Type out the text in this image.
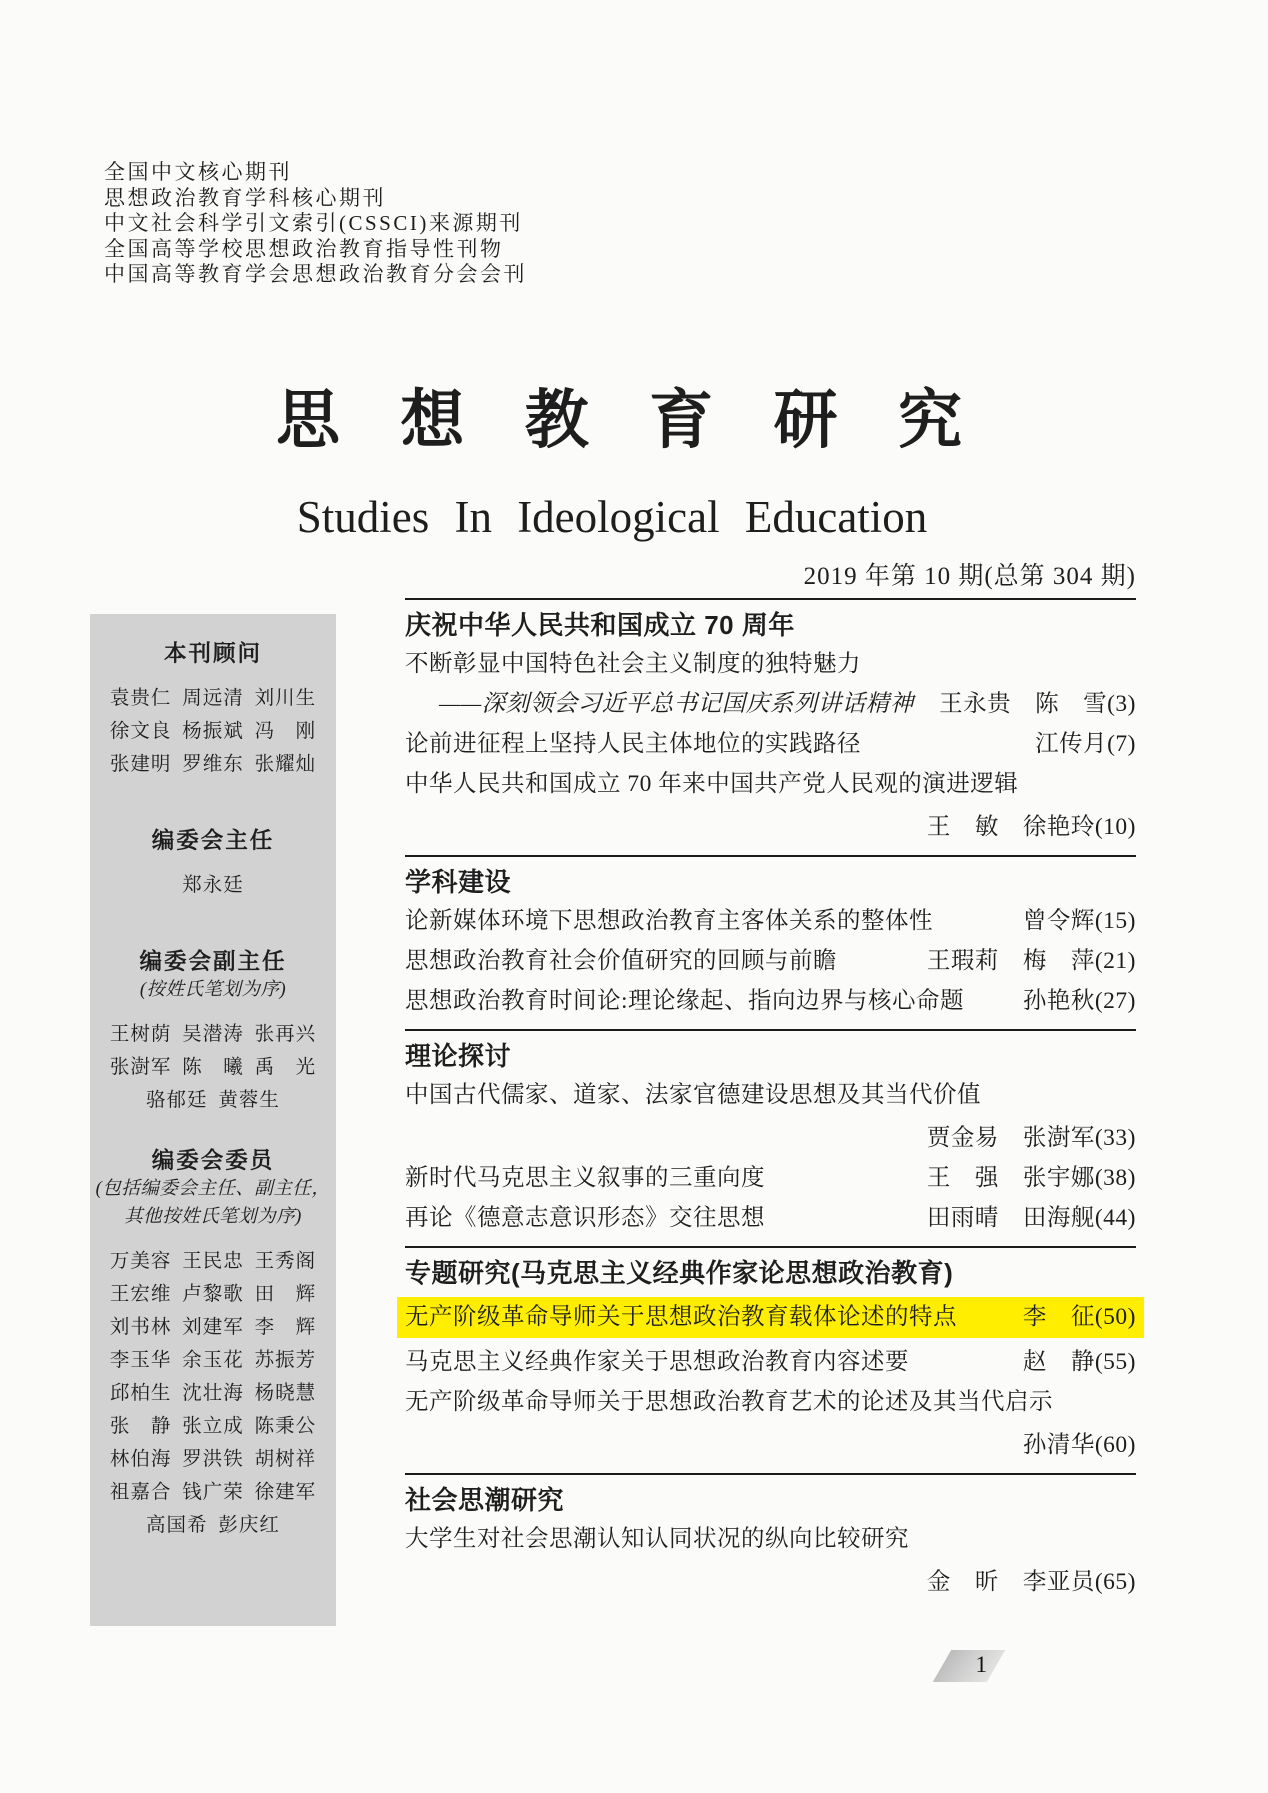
全国中文核心期刊
思想政治教育学科核心期刊
中文社会科学引文索引(CSSCI)来源期刊
全国高等学校思想政治教育指导性刊物
中国高等教育学会思想政治教育分会会刊
思 想 教 育 研 究
Studies In Ideological Education
2019 年第 10 期(总第 304 期)
本刊顾问
袁贵仁 周远清 刘川生
徐文良 杨振斌 冯　刚
张建明 罗维东 张耀灿
编委会主任
郑永廷
编委会副主任
(按姓氏笔划为序)
王树荫 吴潜涛 张再兴
张澍军 陈　曦 禹　光
骆郁廷 黄蓉生
编委会委员
(包括编委会主任、副主任，
其他按姓氏笔划为序)
万美容 王民忠 王秀阁
王宏维 卢黎歌 田　辉
刘书林 刘建军 李　辉
李玉华 余玉花 苏振芳
邱柏生 沈壮海 杨晓慧
张　静 张立成 陈秉公
林伯海 罗洪铁 胡树祥
祖嘉合 钱广荣 徐建军
高国希 彭庆红
庆祝中华人民共和国成立 70 周年
不断彰显中国特色社会主义制度的独特魅力
——深刻领会习近平总书记国庆系列讲话精神	王永贵　陈　雪(3)
论前进征程上坚持人民主体地位的实践路径	江传月(7)
中华人民共和国成立 70 年来中国共产党人民观的演进逻辑
王　敏　徐艳玲(10)
学科建设
论新媒体环境下思想政治教育主客体关系的整体性	曾令辉(15)
思想政治教育社会价值研究的回顾与前瞻	王瑕莉　梅　萍(21)
思想政治教育时间论:理论缘起、指向边界与核心命题	孙艳秋(27)
理论探讨
中国古代儒家、道家、法家官德建设思想及其当代价值
贾金易　张澍军(33)
新时代马克思主义叙事的三重向度	王　强　张宇娜(38)
再论《德意志意识形态》交往思想	田雨晴　田海舰(44)
专题研究(马克思主义经典作家论思想政治教育)
无产阶级革命导师关于思想政治教育载体论述的特点	李　征(50)
马克思主义经典作家关于思想政治教育内容述要	赵　静(55)
无产阶级革命导师关于思想政治教育艺术的论述及其当代启示
孙清华(60)
社会思潮研究
大学生对社会思潮认知认同状况的纵向比较研究
金　昕　李亚员(65)
1
